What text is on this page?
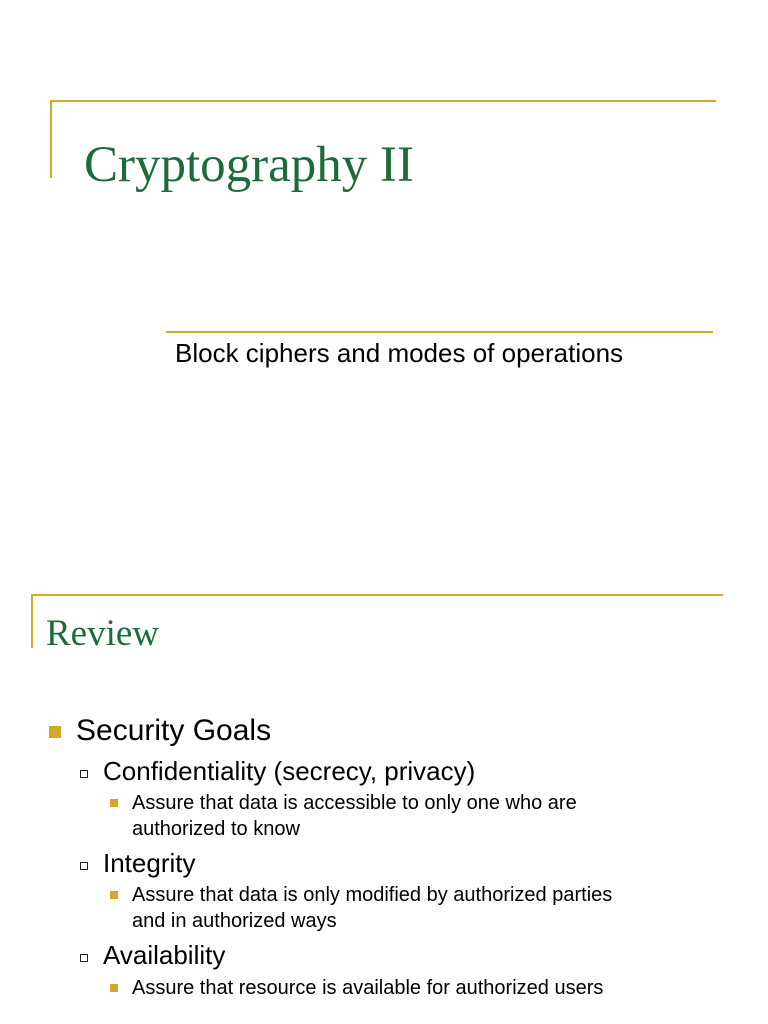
Cryptography II

Block ciphers and modes of operations

Review
Security Goals
Confidentiality (secrecy, privacy)
Assure that data is accessible to only one who are
authorized to know
Integrity
Assure that data is only modified by authorized parties
and in authorized ways
Availability
Assure that resource is available for authorized users
